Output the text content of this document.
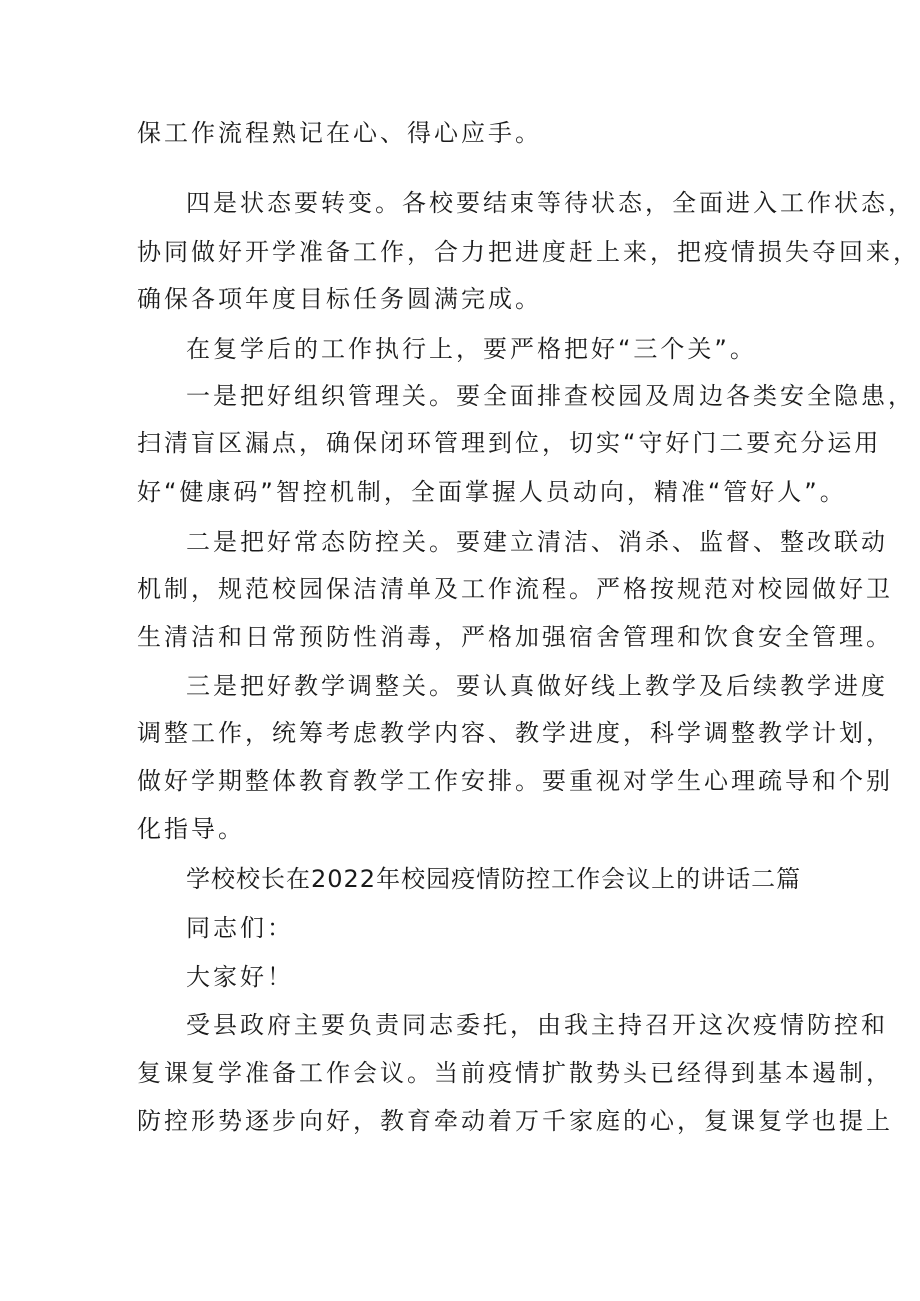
保工作流程熟记在心、得心应手。
四是状态要转变。各校要结束等待状态，全面进入工作状态，
协同做好开学准备工作，合力把进度赶上来，把疫情损失夺回来，
确保各项年度目标任务圆满完成。
在复学后的工作执行上，要严格把好“三个关”。
一是把好组织管理关。要全面排查校园及周边各类安全隐患，
扫清盲区漏点，确保闭环管理到位，切实“守好门二要充分运用
好“健康码”智控机制，全面掌握人员动向，精准“管好人”。
二是把好常态防控关。要建立清洁、消杀、监督、整改联动
机制，规范校园保洁清单及工作流程。严格按规范对校园做好卫
生清洁和日常预防性消毒，严格加强宿舍管理和饮食安全管理。
三是把好教学调整关。要认真做好线上教学及后续教学进度
调整工作，统筹考虑教学内容、教学进度，科学调整教学计划，
做好学期整体教育教学工作安排。要重视对学生心理疏导和个别
化指导。
学校校长在2022年校园疫情防控工作会议上的讲话二篇
同志们：
大家好！
受县政府主要负责同志委托，由我主持召开这次疫情防控和
复课复学准备工作会议。当前疫情扩散势头已经得到基本遏制，
防控形势逐步向好，教育牵动着万千家庭的心，复课复学也提上
